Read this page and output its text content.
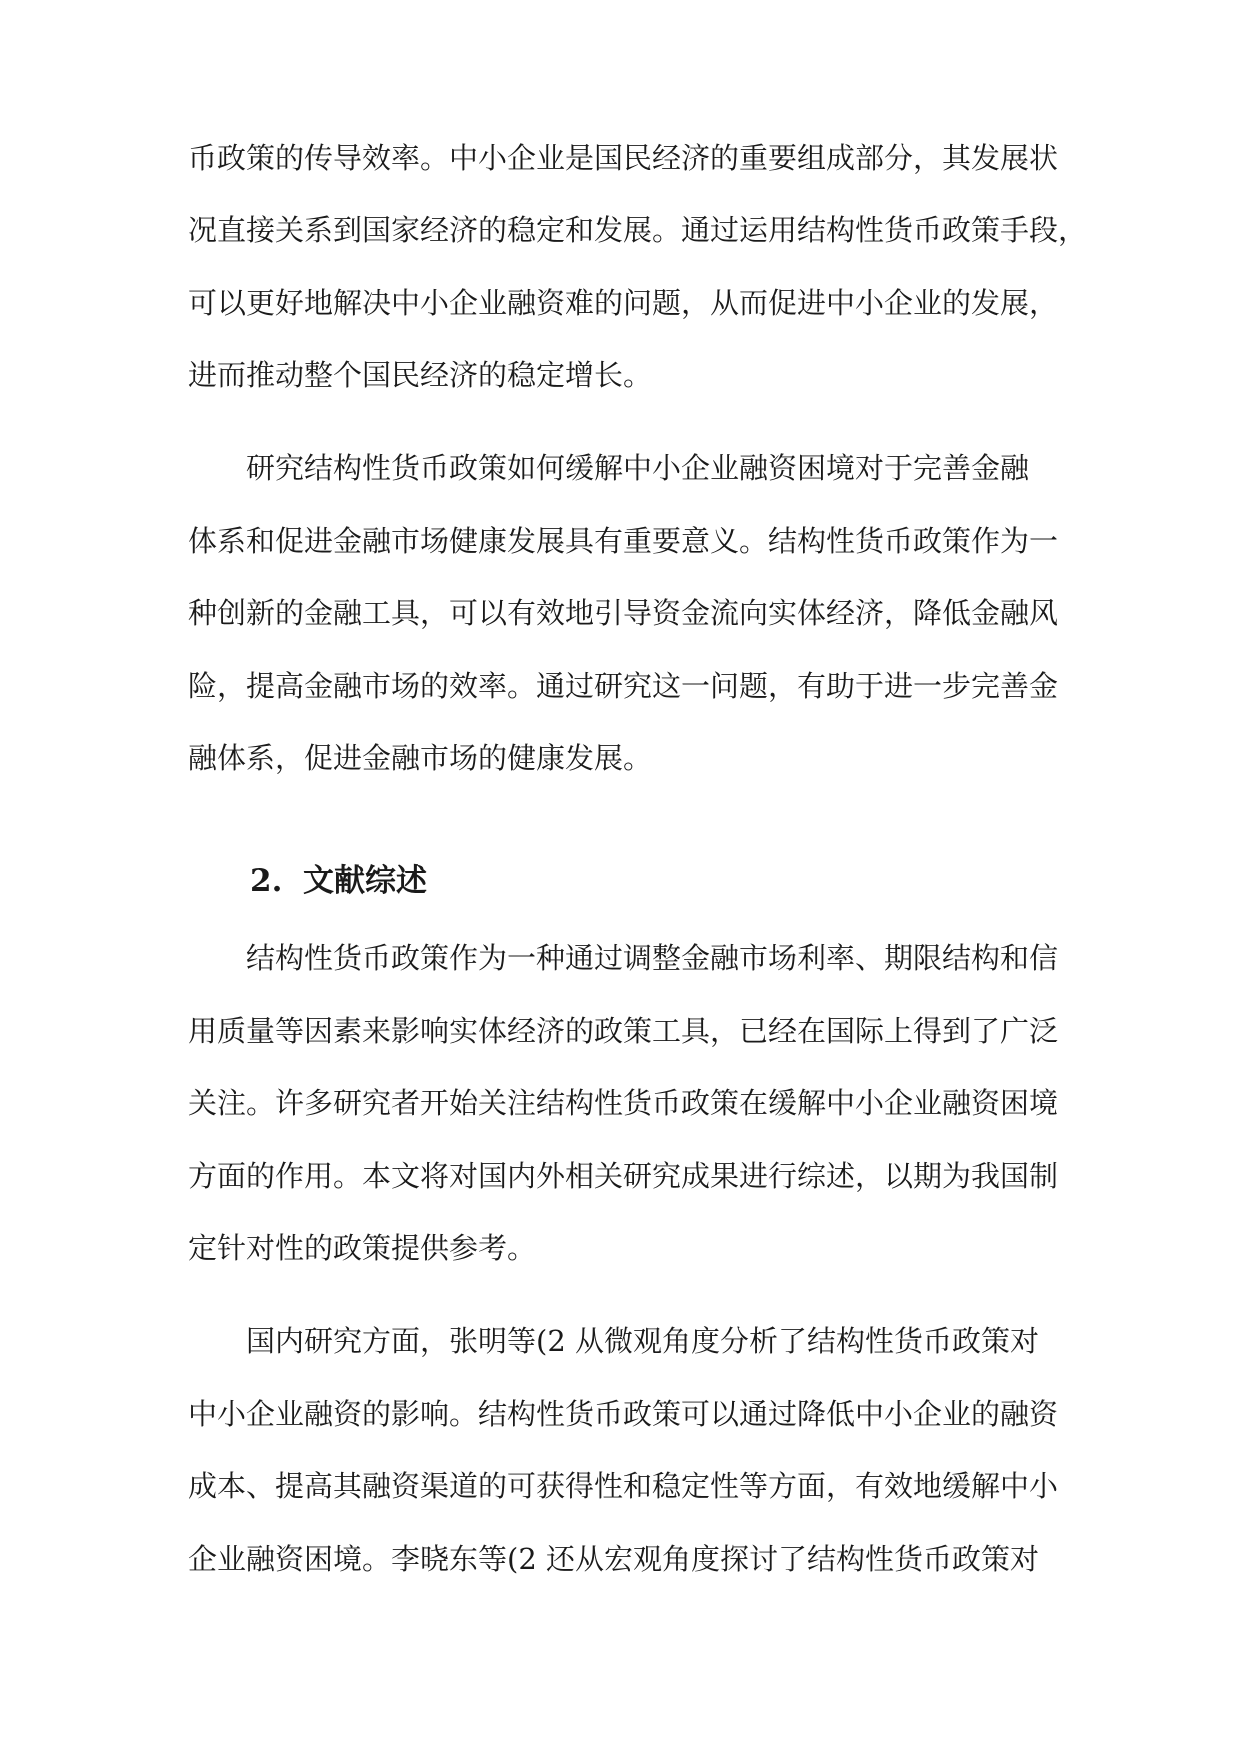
币政策的传导效率。中小企业是国民经济的重要组成部分，其发展状
况直接关系到国家经济的稳定和发展。通过运用结构性货币政策手段，
可以更好地解决中小企业融资难的问题，从而促进中小企业的发展，
进而推动整个国民经济的稳定增长。
研究结构性货币政策如何缓解中小企业融资困境对于完善金融
体系和促进金融市场健康发展具有重要意义。结构性货币政策作为一
种创新的金融工具，可以有效地引导资金流向实体经济，降低金融风
险，提高金融市场的效率。通过研究这一问题，有助于进一步完善金
融体系，促进金融市场的健康发展。
2. 文献综述
结构性货币政策作为一种通过调整金融市场利率、期限结构和信
用质量等因素来影响实体经济的政策工具，已经在国际上得到了广泛
关注。许多研究者开始关注结构性货币政策在缓解中小企业融资困境
方面的作用。本文将对国内外相关研究成果进行综述，以期为我国制
定针对性的政策提供参考。
国内研究方面，张明等(2 从微观角度分析了结构性货币政策对
中小企业融资的影响。结构性货币政策可以通过降低中小企业的融资
成本、提高其融资渠道的可获得性和稳定性等方面，有效地缓解中小
企业融资困境。李晓东等(2 还从宏观角度探讨了结构性货币政策对
